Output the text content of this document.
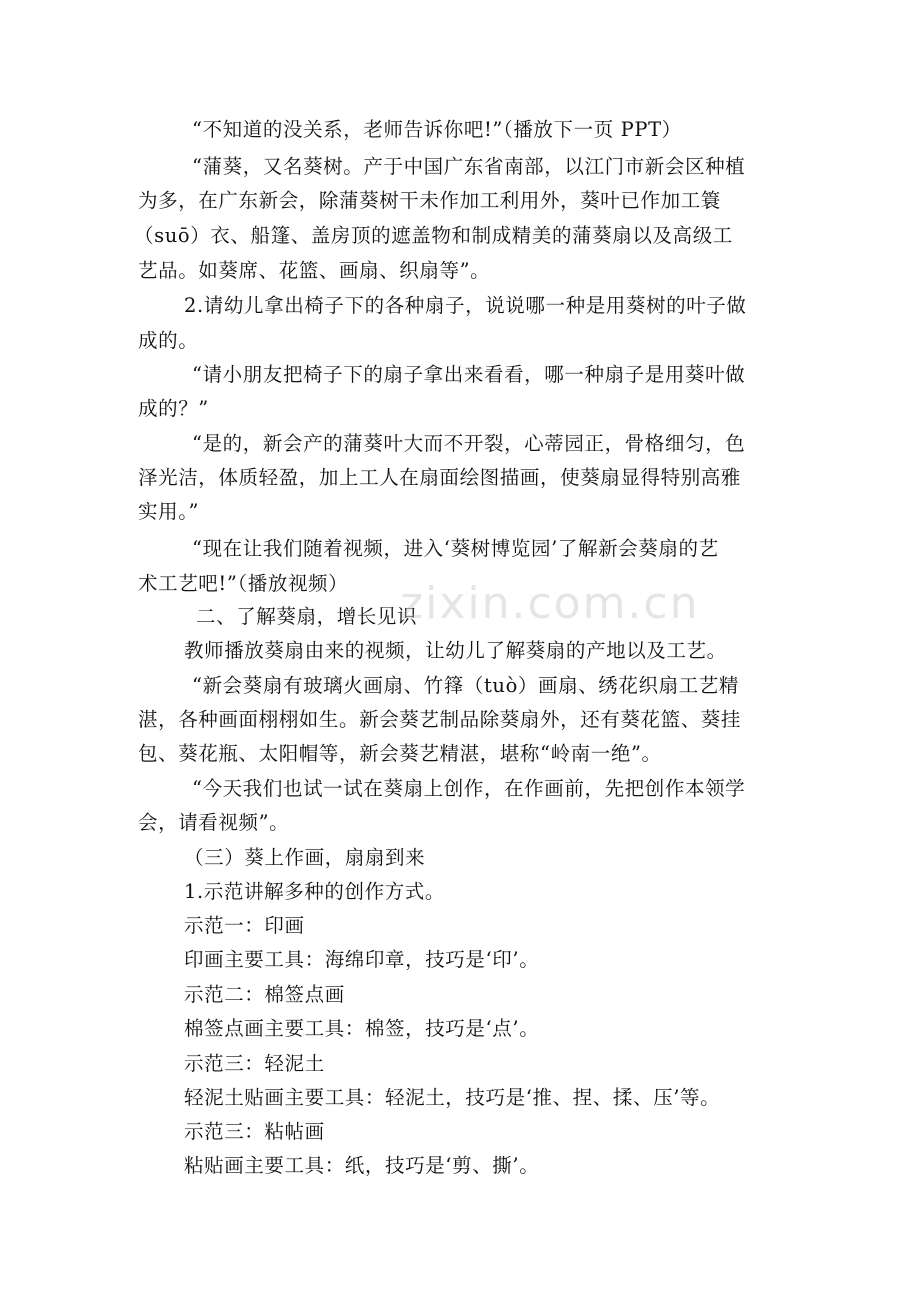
“不知道的没关系，老师告诉你吧!”（播放下一页 PPT）
“蒲葵，又名葵树。产于中国广东省南部，以江门市新会区种植
为多，在广东新会，除蒲葵树干未作加工利用外，葵叶已作加工簑
（suō）衣、船篷、盖房顶的遮盖物和制成精美的蒲葵扇以及高级工
艺品。如葵席、花篮、画扇、织扇等”。
2.请幼儿拿出椅子下的各种扇子，说说哪一种是用葵树的叶子做
成的。
“请小朋友把椅子下的扇子拿出来看看，哪一种扇子是用葵叶做
成的？”
“是的，新会产的蒲葵叶大而不开裂，心蒂园正，骨格细匀，色
泽光洁，体质轻盈，加上工人在扇面绘图描画，使葵扇显得特别高雅
实用。”
“现在让我们随着视频，进入‘葵树博览园’了解新会葵扇的艺
术工艺吧!”（播放视频）
二、了解葵扇，增长见识
教师播放葵扇由来的视频，让幼儿了解葵扇的产地以及工艺。
“新会葵扇有玻璃火画扇、竹箨（tuò）画扇、绣花织扇工艺精
湛，各种画面栩栩如生。新会葵艺制品除葵扇外，还有葵花篮、葵挂
包、葵花瓶、太阳帽等，新会葵艺精湛，堪称“岭南一绝”。
“今天我们也试一试在葵扇上创作，在作画前，先把创作本领学
会，请看视频”。
（三）葵上作画，扇扇到来
1.示范讲解多种的创作方式。
示范一：印画
印画主要工具：海绵印章，技巧是‘印’。
示范二：棉签点画
棉签点画主要工具：棉签，技巧是‘点’。
示范三：轻泥土
轻泥土贴画主要工具：轻泥土，技巧是‘推、捏、揉、压’等。
示范三：粘帖画
粘贴画主要工具：纸，技巧是‘剪、撕’。
zixin.com.cn
